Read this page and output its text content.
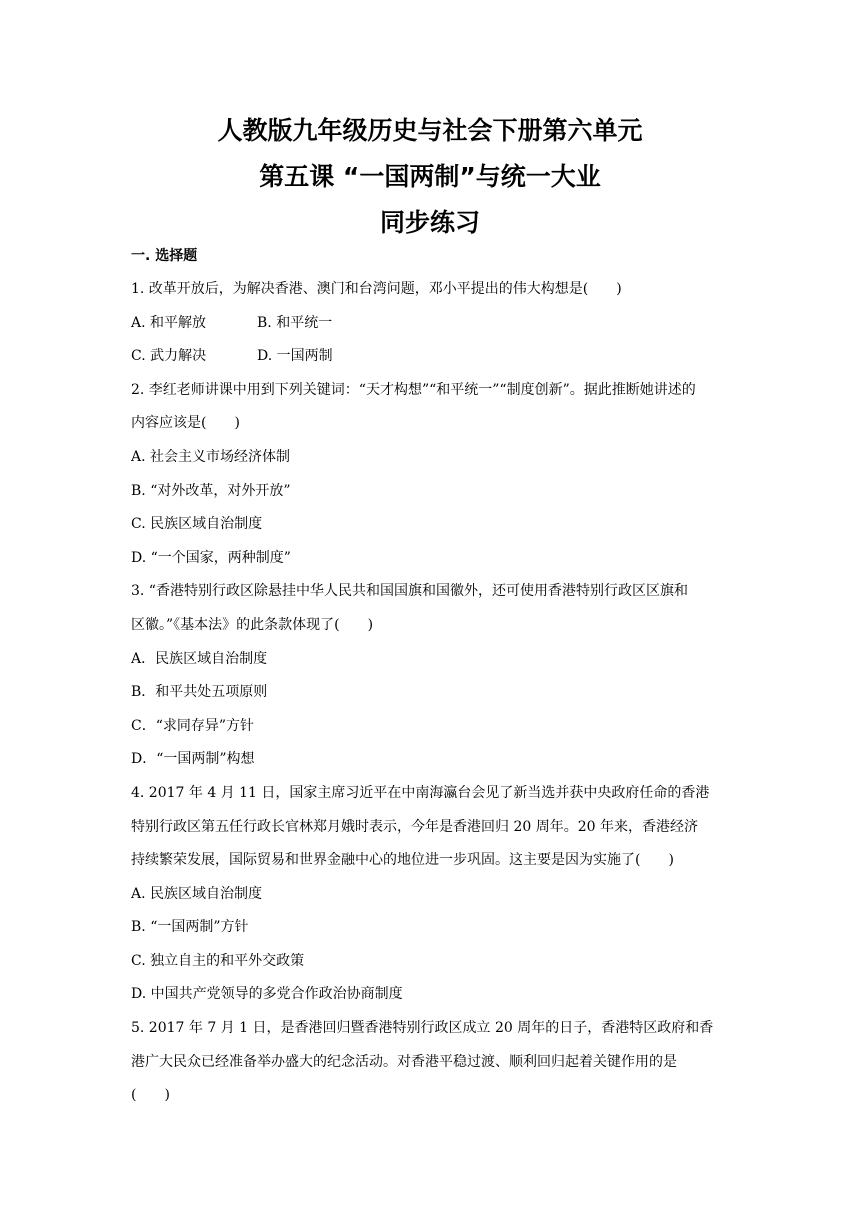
人教版九年级历史与社会下册第六单元
第五课 “一国两制”与统一大业
同步练习
一. 选择题
1. 改革开放后，为解决香港、澳门和台湾问题，邓小平提出的伟大构想是(　　)
A. 和平解放	B. 和平统一
C. 武力解决	D. 一国两制
2. 李红老师讲课中用到下列关键词：“天才构想”“和平统一”“制度创新”。据此推断她讲述的
内容应该是(　　)
A. 社会主义市场经济体制
B. “对外改革，对外开放”
C. 民族区域自治制度
D. “一个国家，两种制度”
3. “香港特别行政区除悬挂中华人民共和国国旗和国徽外，还可使用香港特别行政区区旗和
区徽。”《基本法》的此条款体现了(　　)
A．民族区域自治制度
B．和平共处五项原则
C．“求同存异”方针
D．“一国两制”构想
4. 2017 年 4 月 11 日，国家主席习近平在中南海瀛台会见了新当选并获中央政府任命的香港
特别行政区第五任行政长官林郑月娥时表示，今年是香港回归 20 周年。20 年来，香港经济
持续繁荣发展，国际贸易和世界金融中心的地位进一步巩固。这主要是因为实施了(　　)
A. 民族区域自治制度
B. “一国两制”方针
C. 独立自主的和平外交政策
D. 中国共产党领导的多党合作政治协商制度
5. 2017 年 7 月 1 日，是香港回归暨香港特别行政区成立 20 周年的日子，香港特区政府和香
港广大民众已经准备举办盛大的纪念活动。对香港平稳过渡、顺利回归起着关键作用的是
(　　)
